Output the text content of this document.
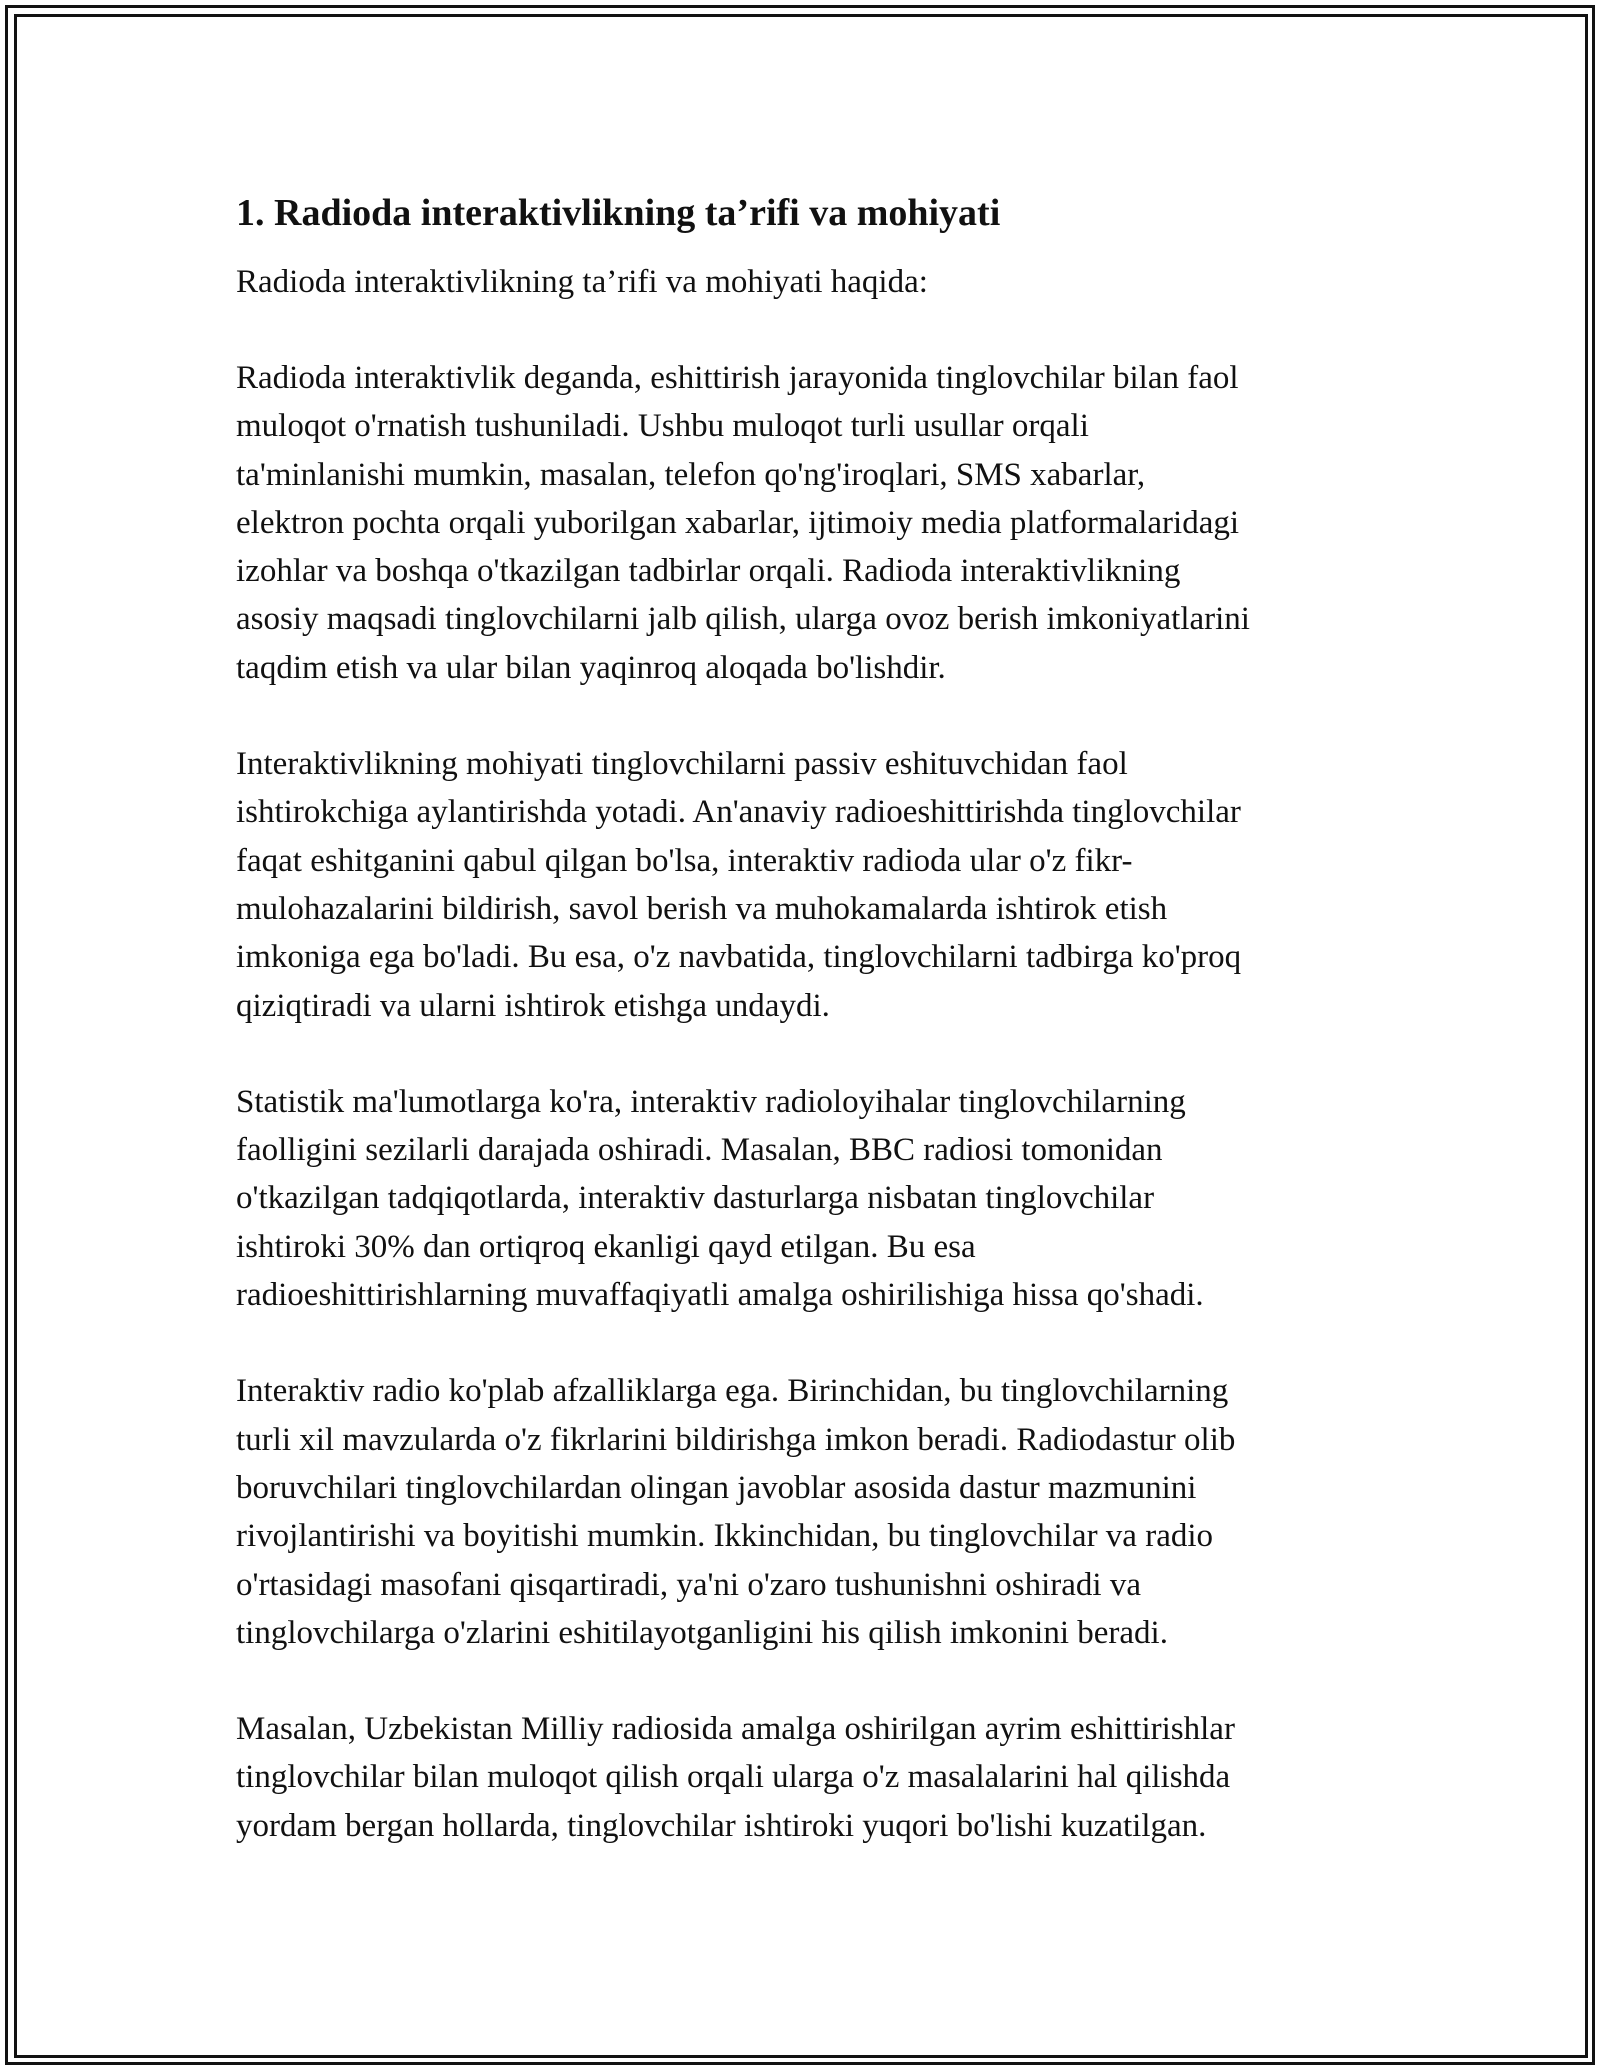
1. Radioda interaktivlikning ta’rifi va mohiyati

Radioda interaktivlikning ta’rifi va mohiyati haqida:

Radioda interaktivlik deganda, eshittirish jarayonida tinglovchilar bilan faol
muloqot o'rnatish tushuniladi. Ushbu muloqot turli usullar orqali
ta'minlanishi mumkin, masalan, telefon qo'ng'iroqlari, SMS xabarlar,
elektron pochta orqali yuborilgan xabarlar, ijtimoiy media platformalaridagi
izohlar va boshqa o'tkazilgan tadbirlar orqali. Radioda interaktivlikning
asosiy maqsadi tinglovchilarni jalb qilish, ularga ovoz berish imkoniyatlarini
taqdim etish va ular bilan yaqinroq aloqada bo'lishdir.
Interaktivlikning mohiyati tinglovchilarni passiv eshituvchidan faol
ishtirokchiga aylantirishda yotadi. An'anaviy radioeshittirishda tinglovchilar
faqat eshitganini qabul qilgan bo'lsa, interaktiv radioda ular o'z fikr-
mulohazalarini bildirish, savol berish va muhokamalarda ishtirok etish
imkoniga ega bo'ladi. Bu esa, o'z navbatida, tinglovchilarni tadbirga ko'proq
qiziqtiradi va ularni ishtirok etishga undaydi.
Statistik ma'lumotlarga ko'ra, interaktiv radioloyihalar tinglovchilarning
faolligini sezilarli darajada oshiradi. Masalan, BBC radiosi tomonidan
o'tkazilgan tadqiqotlarda, interaktiv dasturlarga nisbatan tinglovchilar
ishtiroki 30% dan ortiqroq ekanligi qayd etilgan. Bu esa
radioeshittirishlarning muvaffaqiyatli amalga oshirilishiga hissa qo'shadi.
Interaktiv radio ko'plab afzalliklarga ega. Birinchidan, bu tinglovchilarning
turli xil mavzularda o'z fikrlarini bildirishga imkon beradi. Radiodastur olib
boruvchilari tinglovchilardan olingan javoblar asosida dastur mazmunini
rivojlantirishi va boyitishi mumkin. Ikkinchidan, bu tinglovchilar va radio
o'rtasidagi masofani qisqartiradi, ya'ni o'zaro tushunishni oshiradi va
tinglovchilarga o'zlarini eshitilayotganligini his qilish imkonini beradi.
Masalan, Uzbekistan Milliy radiosida amalga oshirilgan ayrim eshittirishlar
tinglovchilar bilan muloqot qilish orqali ularga o'z masalalarini hal qilishda
yordam bergan hollarda, tinglovchilar ishtiroki yuqori bo'lishi kuzatilgan.
